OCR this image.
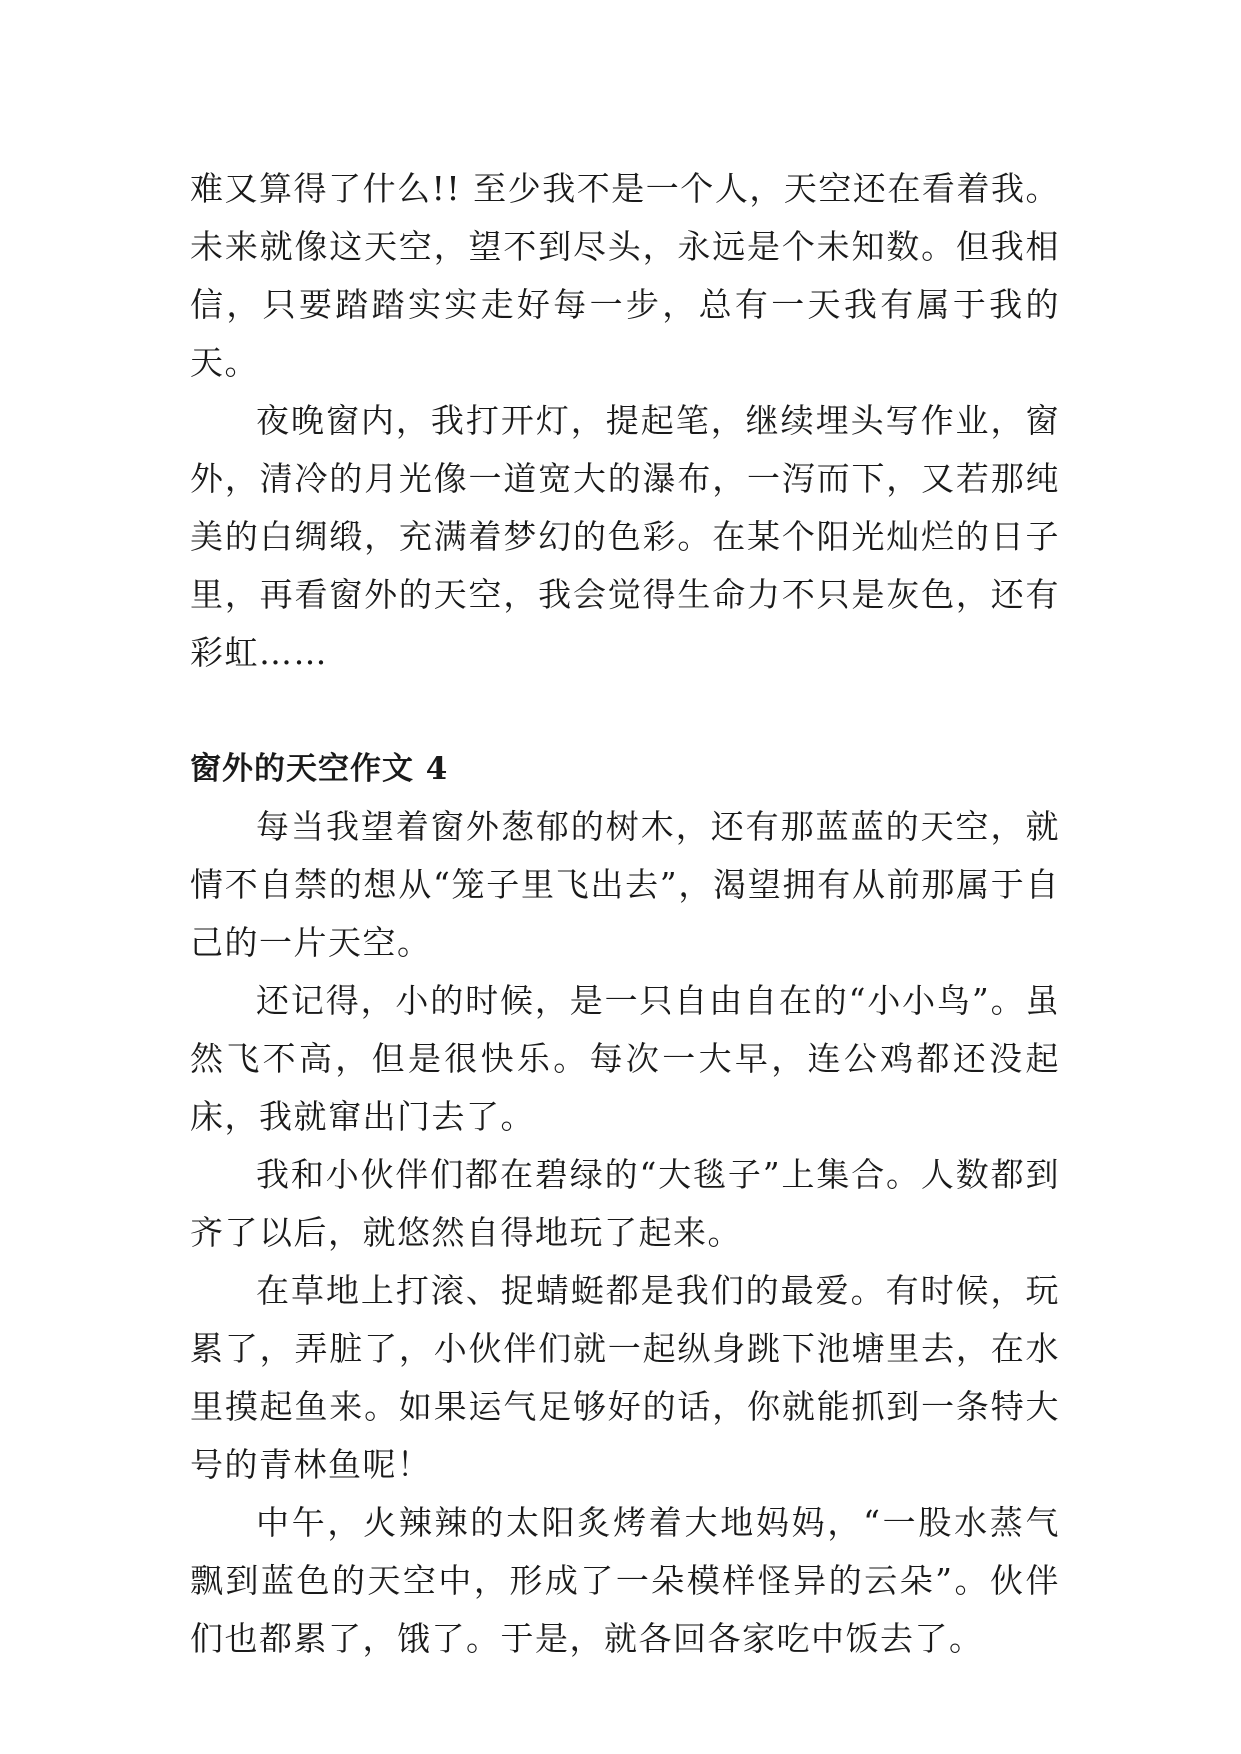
难又算得了什么!! 至少我不是一个人，天空还在看着我。未来就像这天空，望不到尽头，永远是个未知数。但我相信，只要踏踏实实走好每一步，总有一天我有属于我的天。

夜晚窗内，我打开灯，提起笔，继续埋头写作业，窗外，清冷的月光像一道宽大的瀑布，一泻而下，又若那纯美的白绸缎，充满着梦幻的色彩。在某个阳光灿烂的日子里，再看窗外的天空，我会觉得生命力不只是灰色，还有彩虹……

窗外的天空作文 4

每当我望着窗外葱郁的树木，还有那蓝蓝的天空，就情不自禁的想从“笼子里飞出去”，渴望拥有从前那属于自己的一片天空。

还记得，小的时候，是一只自由自在的“小小鸟”。虽然飞不高，但是很快乐。每次一大早，连公鸡都还没起床，我就窜出门去了。

我和小伙伴们都在碧绿的“大毯子”上集合。人数都到齐了以后，就悠然自得地玩了起来。

在草地上打滚、捉蜻蜓都是我们的最爱。有时候，玩累了，弄脏了，小伙伴们就一起纵身跳下池塘里去，在水里摸起鱼来。如果运气足够好的话，你就能抓到一条特大号的青林鱼呢！

中午，火辣辣的太阳炙烤着大地妈妈，“一股水蒸气飘到蓝色的天空中，形成了一朵模样怪异的云朵”。伙伴们也都累了，饿了。于是，就各回各家吃中饭去了。
